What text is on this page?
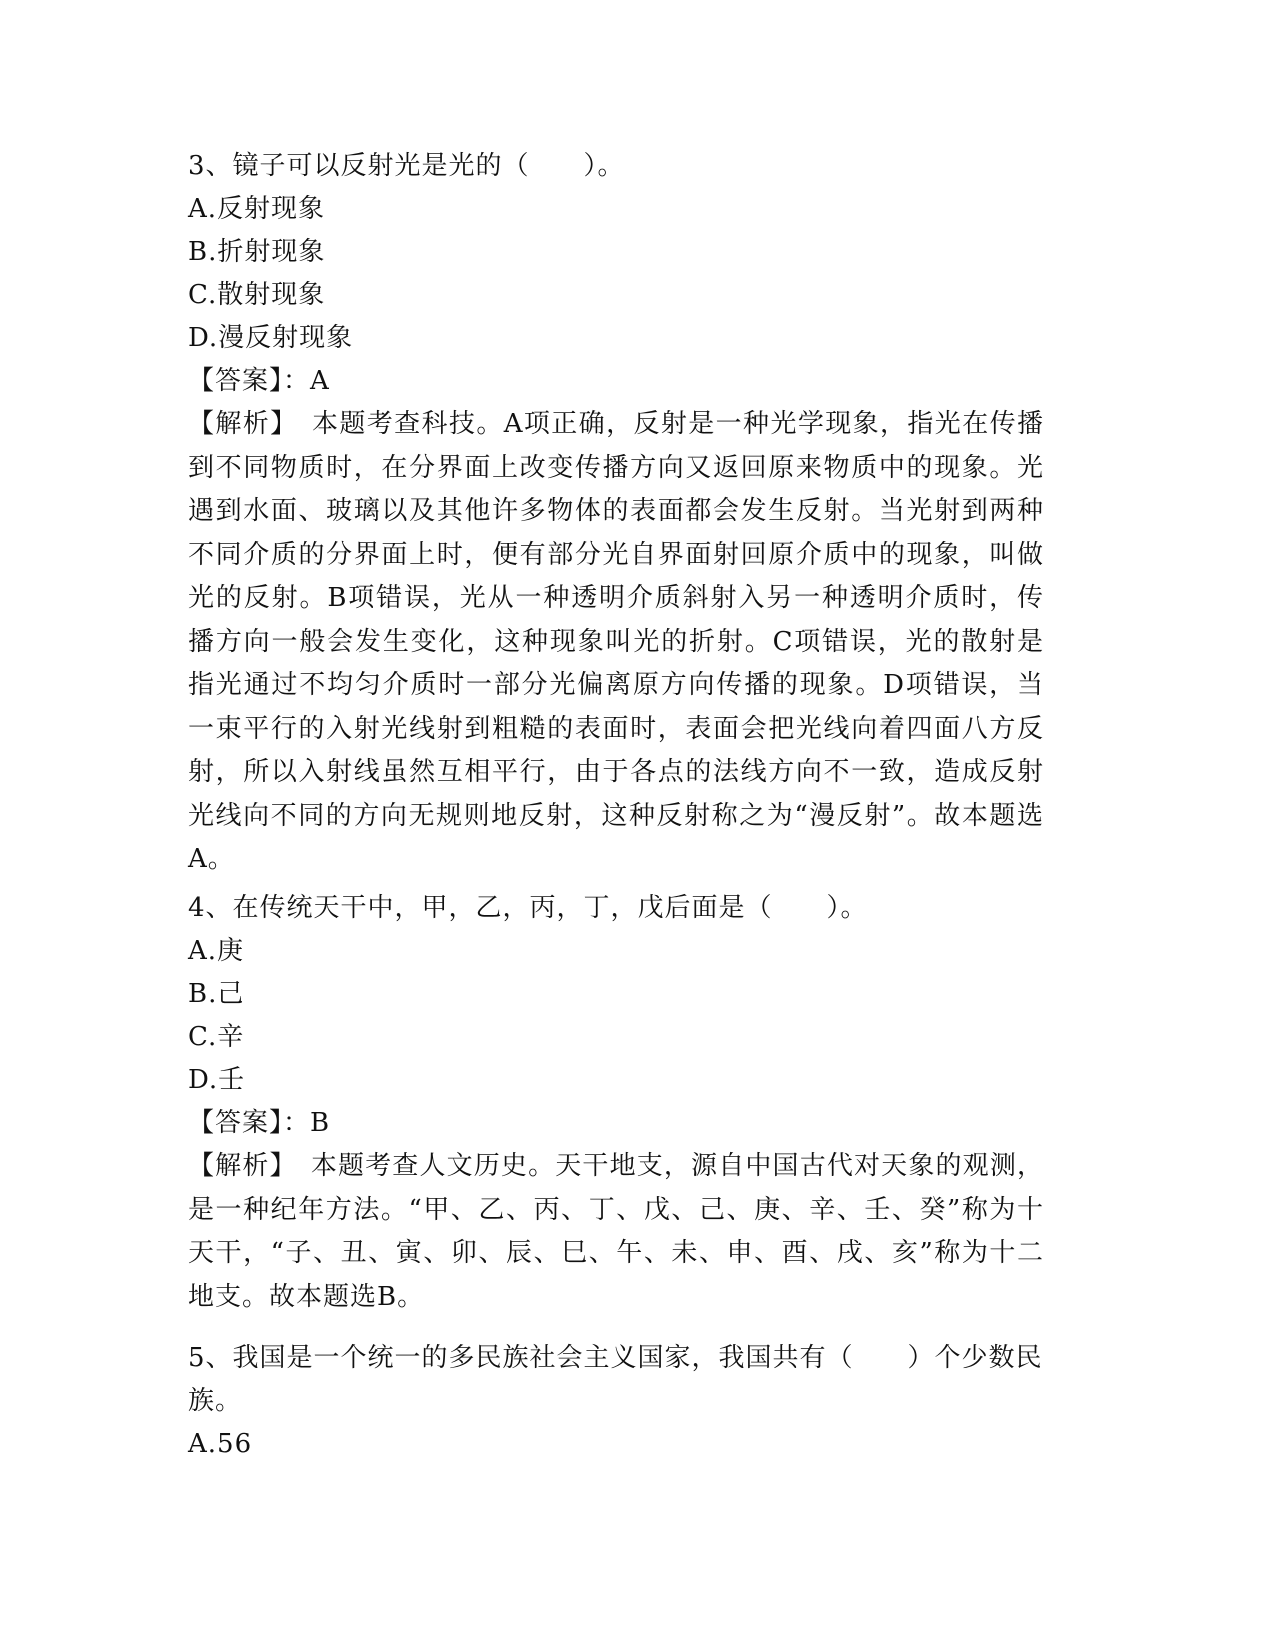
3、镜子可以反射光是光的（　　）。
A.反射现象
B.折射现象
C.散射现象
D.漫反射现象
【答案】：A
【解析】　本题考查科技。A项正确，反射是一种光学现象，指光在传播到不同物质时，在分界面上改变传播方向又返回原来物质中的现象。光遇到水面、玻璃以及其他许多物体的表面都会发生反射。当光射到两种不同介质的分界面上时，便有部分光自界面射回原介质中的现象，叫做光的反射。B项错误，光从一种透明介质斜射入另一种透明介质时，传播方向一般会发生变化，这种现象叫光的折射。C项错误，光的散射是指光通过不均匀介质时一部分光偏离原方向传播的现象。D项错误，当一束平行的入射光线射到粗糙的表面时，表面会把光线向着四面八方反射，所以入射线虽然互相平行，由于各点的法线方向不一致，造成反射光线向不同的方向无规则地反射，这种反射称之为“漫反射”。故本题选A。
4、在传统天干中，甲，乙，丙，丁，戊后面是（　　）。
A.庚
B.己
C.辛
D.壬
【答案】：B
【解析】　本题考查人文历史。天干地支，源自中国古代对天象的观测，是一种纪年方法。“甲、乙、丙、丁、戊、己、庚、辛、壬、癸”称为十天干，“子、丑、寅、卯、辰、巳、午、未、申、酉、戌、亥”称为十二地支。故本题选B。
5、我国是一个统一的多民族社会主义国家，我国共有（　　）个少数民族。
A.56
